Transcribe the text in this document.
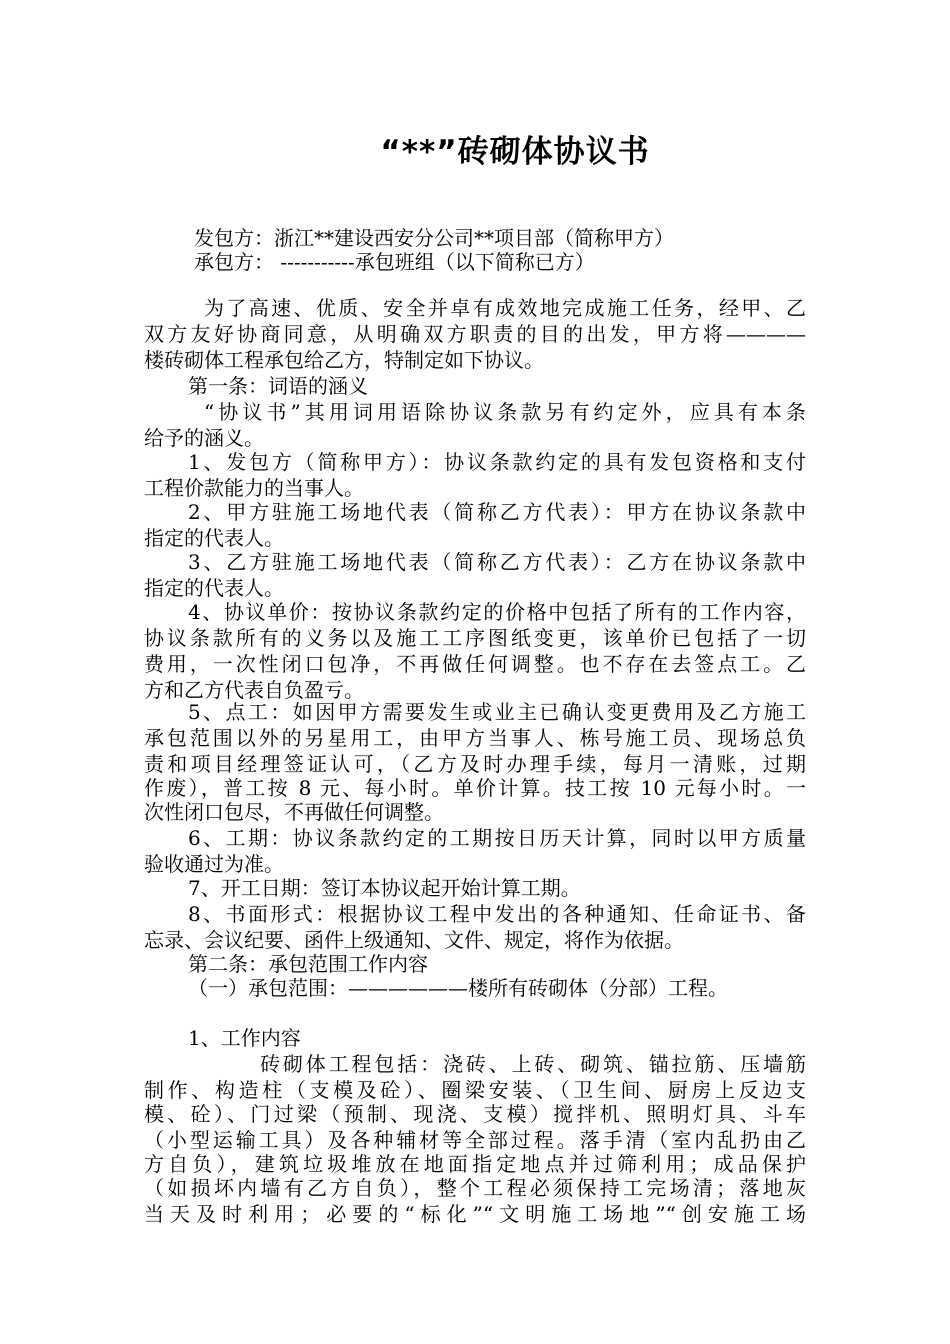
“**”砖砌体协议书
发包方：浙江**建设西安分公司**项目部（简称甲方）
承包方： -----------承包班组（以下简称已方）
为了高速、优质、安全并卓有成效地完成施工任务，经甲、乙
双方友好协商同意，从明确双方职责的目的出发，甲方将————
楼砖砌体工程承包给乙方，特制定如下协议。
第一条：词语的涵义
“协议书”其用词用语除协议条款另有约定外，应具有本条
给予的涵义。
1、发包方（简称甲方）：协议条款约定的具有发包资格和支付
工程价款能力的当事人。
2、甲方驻施工场地代表（简称乙方代表）：甲方在协议条款中
指定的代表人。
3、乙方驻施工场地代表（简称乙方代表）：乙方在协议条款中
指定的代表人。
4、协议单价：按协议条款约定的价格中包括了所有的工作内容，
协议条款所有的义务以及施工工序图纸变更，该单价已包括了一切
费用，一次性闭口包净，不再做任何调整。也不存在去签点工。乙
方和乙方代表自负盈亏。
5、点工：如因甲方需要发生或业主已确认变更费用及乙方施工
承包范围以外的另星用工，由甲方当事人、栋号施工员、现场总负
责和项目经理签证认可，（乙方及时办理手续，每月一清账，过期
作废），普工按 8 元、每小时。单价计算。技工按 10 元每小时。一
次性闭口包尽，不再做任何调整。
6、工期：协议条款约定的工期按日历天计算，同时以甲方质量
验收通过为准。
7、开工日期：签订本协议起开始计算工期。
8、书面形式：根据协议工程中发出的各种通知、任命证书、备
忘录、会议纪要、函件上级通知、文件、规定，将作为依据。
第二条：承包范围工作内容
（一）承包范围：——————楼所有砖砌体（分部）工程。
1、工作内容
砖砌体工程包括：浇砖、上砖、砌筑、锚拉筋、压墙筋
制作、构造柱（支模及砼）、圈梁安装、（卫生间、厨房上反边支
模、砼）、门过梁（预制、现浇、支模）搅拌机、照明灯具、斗车
（小型运输工具）及各种辅材等全部过程。落手清（室内乱扔由乙
方自负），建筑垃圾堆放在地面指定地点并过筛利用；成品保护
（如损坏内墙有乙方自负），整个工程必须保持工完场清；落地灰
当天及时利用；必要的“标化”“文明施工场地”“创安施工场
